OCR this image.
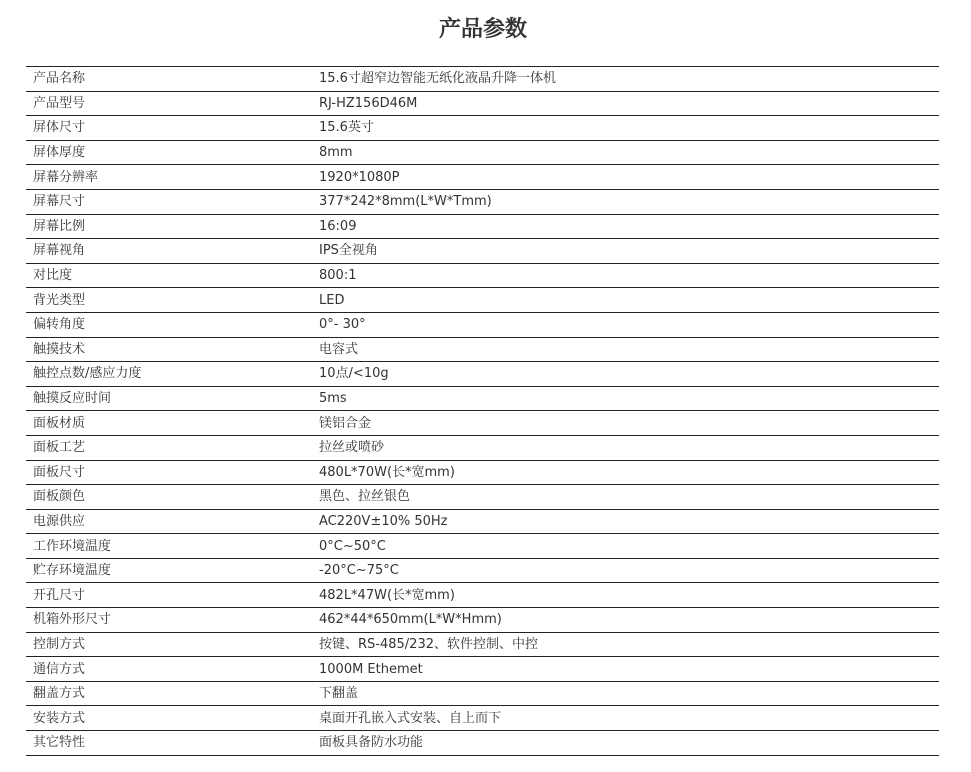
产品参数
产品名称	15.6寸超窄边智能无纸化液晶升降一体机
产品型号	RJ-HZ156D46M
屏体尺寸	15.6英寸
屏体厚度	8mm
屏幕分辨率	1920*1080P
屏幕尺寸	377*242*8mm(L*W*Tmm)
屏幕比例	16:09
屏幕视角	IPS全视角
对比度	800:1
背光类型	LED
偏转角度	0°- 30°
触摸技术	电容式
触控点数/感应力度	10点/<10g
触摸反应时间	5ms
面板材质	镁铝合金
面板工艺	拉丝或喷砂
面板尺寸	480L*70W(长*宽mm)
面板颜色	黑色、拉丝银色
电源供应	AC220V±10% 50Hz
工作环境温度	0°C~50°C
贮存环境温度	-20°C~75°C
开孔尺寸	482L*47W(长*宽mm)
机箱外形尺寸	462*44*650mm(L*W*Hmm)
控制方式	按键、RS-485/232、软件控制、中控
通信方式	1000M Ethemet
翻盖方式	下翻盖
安装方式	桌面开孔嵌入式安装、自上而下
其它特性	面板具备防水功能
